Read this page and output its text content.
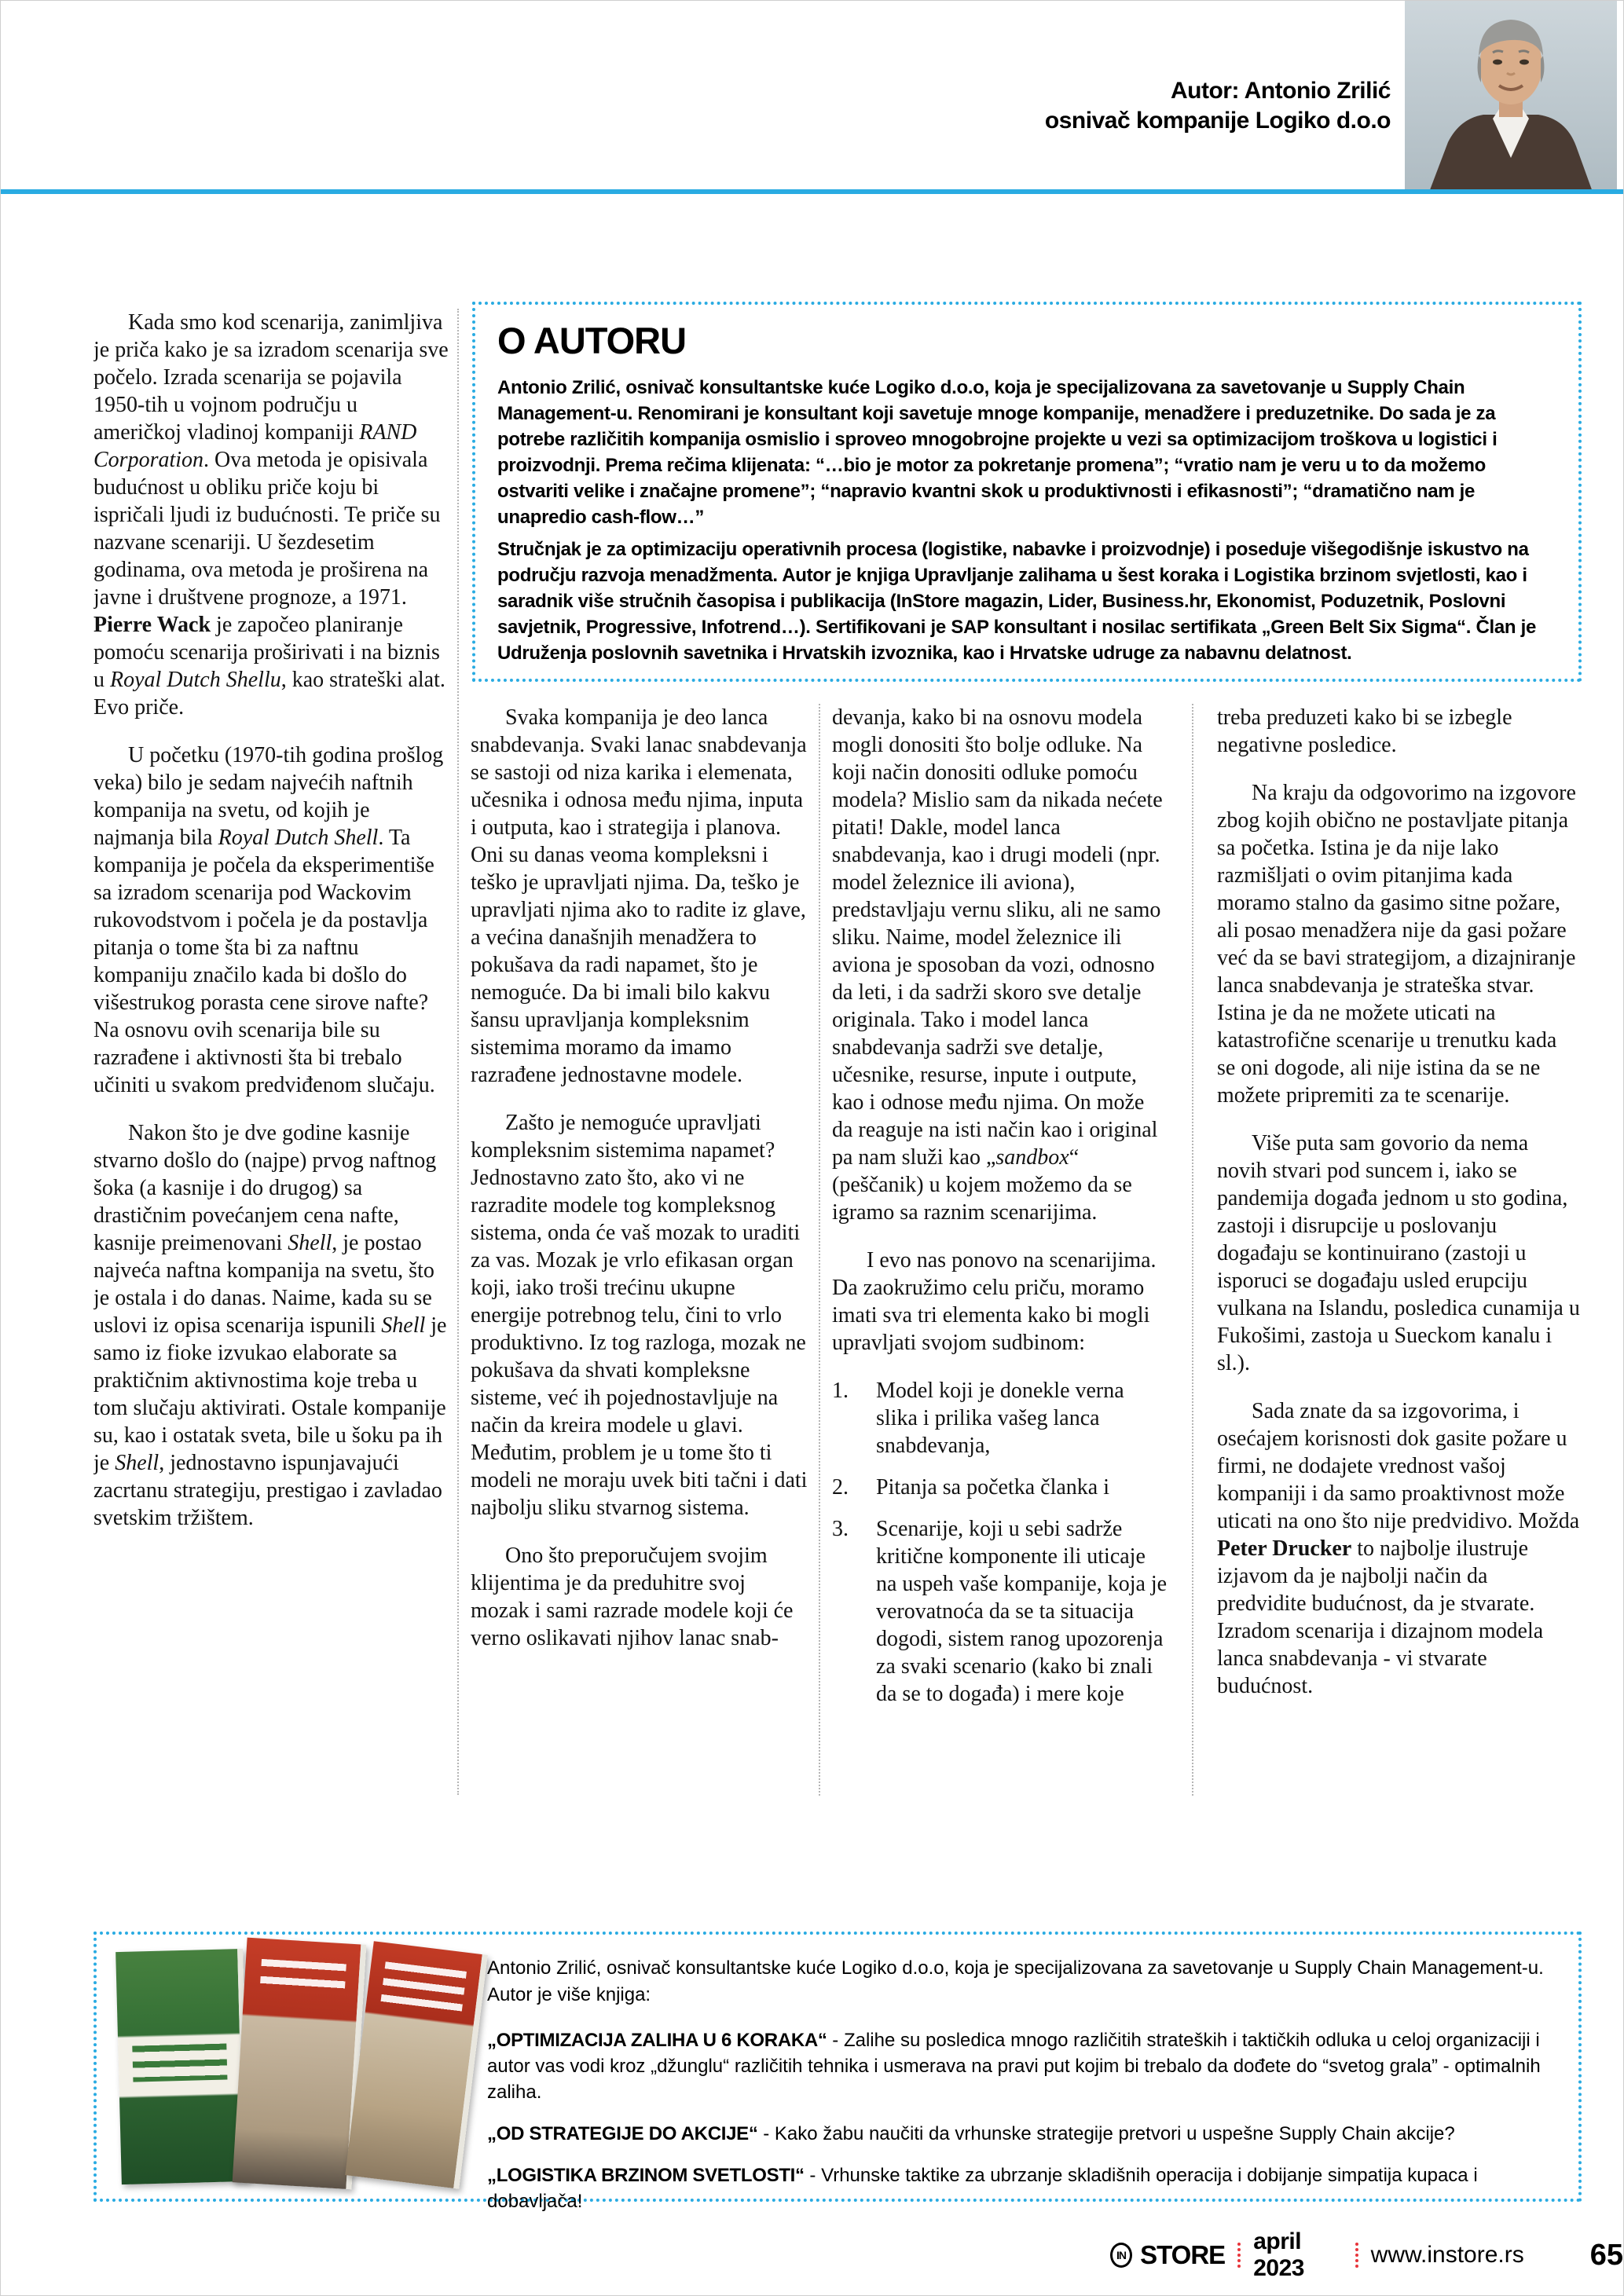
Autor: Antonio Zrilić
osnivač kompanije Logiko d.o.o
O AUTORU

Antonio Zrilić, osnivač konsultantske kuće Logiko d.o.o, koja je specijalizovana za savetovanje u Supply Chain Management-u. Renomirani je konsultant koji savetuje mnoge kompanije, menadžere i preduzetnike. Do sada je za potrebe različitih kompanija osmislio i sproveo mnogobrojne projekte u vezi sa optimizacijom troškova u logistici i proizvodnji. Prema rečima klijenata: “…bio je motor za pokretanje promena”; “vratio nam je veru u to da možemo ostvariti velike i značajne promene”; “napravio kvantni skok u produktivnosti i efikasnosti”; “dramatično nam je unapredio cash-flow…”

Stručnjak je za optimizaciju operativnih procesa (logistike, nabavke i proizvodnje) i poseduje višegodišnje iskustvo na području razvoja menadžmenta. Autor je knjiga Upravljanje zalihama u šest koraka i Logistika brzinom svjetlosti, kao i saradnik više stručnih časopisa i publikacija (InStore magazin, Lider, Business.hr, Ekonomist, Poduzetnik, Poslovni savjetnik, Progressive, Infotrend…). Sertifikovani je SAP konsultant i nosilac sertifikata „Green Belt Six Sigma“. Član je Udruženja poslovnih savetnika i Hrvatskih izvoznika, kao i Hrvatske udruge za nabavnu delatnost.

Kada smo kod scenarija, zanimljiva je priča kako je sa izradom scenarija sve počelo. Izrada scenarija se pojavila 1950-tih u vojnom području u američkoj vladinoj kompaniji RAND Corporation. Ova metoda je opisivala budućnost u obliku priče koju bi ispričali ljudi iz budućnosti. Te priče su nazvane scenariji. U šezdesetim godinama, ova metoda je proširena na javne i društvene prognoze, a 1971. Pierre Wack je započeo planiranje pomoću scenarija proširivati i na biznis u Royal Dutch Shellu, kao strateški alat. Evo priče.

U početku (1970-tih godina prošlog veka) bilo je sedam najvećih naftnih kompanija na svetu, od kojih je najmanja bila Royal Dutch Shell. Ta kompanija je počela da eksperimentiše sa izradom scenarija pod Wackovim rukovodstvom i počela je da postavlja pitanja o tome šta bi za naftnu kompaniju značilo kada bi došlo do višestrukog porasta cene sirove nafte? Na osnovu ovih scenarija bile su razrađene i aktivnosti šta bi trebalo učiniti u svakom predviđenom slučaju.

Nakon što je dve godine kasnije stvarno došlo do (najpe) prvog naftnog šoka (a kasnije i do drugog) sa drastičnim povećanjem cena nafte, kasnije preimenovani Shell, je postao najveća naftna kompanija na svetu, što je ostala i do danas. Naime, kada su se uslovi iz opisa scenarija ispunili Shell je samo iz fioke izvukao elaborate sa praktičnim aktivnostima koje treba u tom slučaju aktivirati. Ostale kompanije su, kao i ostatak sveta, bile u šoku pa ih je Shell, jednostavno ispunjavajući zacrtanu strategiju, prestigao i zavladao svetskim tržištem.

Svaka kompanija je deo lanca snabdevanja. Svaki lanac snabdevanja se sastoji od niza karika i elemenata, učesnika i odnosa među njima, inputa i outputa, kao i strategija i planova. Oni su danas veoma kompleksni i teško je upravljati njima. Da, teško je upravljati njima ako to radite iz glave, a većina današnjih menadžera to pokušava da radi napamet, što je nemoguće. Da bi imali bilo kakvu šansu upravljanja kompleksnim sistemima moramo da imamo razrađene jednostavne modele.

Zašto je nemoguće upravljati kompleksnim sistemima napamet? Jednostavno zato što, ako vi ne razradite modele tog kompleksnog sistema, onda će vaš mozak to uraditi za vas. Mozak je vrlo efikasan organ koji, iako troši trećinu ukupne energije potrebnog telu, čini to vrlo produktivno. Iz tog razloga, mozak ne pokušava da shvati kompleksne sisteme, već ih pojednostavljuje na način da kreira modele u glavi. Međutim, problem je u tome što ti modeli ne moraju uvek biti tačni i dati najbolju sliku stvarnog sistema.

Ono što preporučujem svojim klijentima je da preduhitre svoj mozak i sami razrade modele koji će verno oslikavati njihov lanac snab-

devanja, kako bi na osnovu modela mogli donositi što bolje odluke. Na koji način donositi odluke pomoću modela? Mislio sam da nikada nećete pitati! Dakle, model lanca snabdevanja, kao i drugi modeli (npr. model železnice ili aviona), predstavljaju vernu sliku, ali ne samo sliku. Naime, model železnice ili aviona je sposoban da vozi, odnosno da leti, i da sadrži skoro sve detalje originala. Tako i model lanca snabdevanja sadrži sve detalje, učesnike, resurse, inpute i outpute, kao i odnose među njima. On može da reaguje na isti način kao i original pa nam služi kao „sandbox“ (peščanik) u kojem možemo da se igramo sa raznim scenarijima.

I evo nas ponovo na scenarijima. Da zaokružimo celu priču, moramo imati sva tri elementa kako bi mogli upravljati svojom sudbinom:

1. Model koji je donekle verna slika i prilika vašeg lanca snabdevanja,

2. Pitanja sa početka članka i

3. Scenarije, koji u sebi sadrže kritične komponente ili uticaje na uspeh vaše kompanije, koja je verovatnoća da se ta situacija dogodi, sistem ranog upozorenja za svaki scenario (kako bi znali da se to događa) i mere koje

treba preduzeti kako bi se izbegle negativne posledice.

Na kraju da odgovorimo na izgovore zbog kojih obično ne postavljate pitanja sa početka. Istina je da nije lako razmišljati o ovim pitanjima kada moramo stalno da gasimo sitne požare, ali posao menadžera nije da gasi požare već da se bavi strategijom, a dizajniranje lanca snabdevanja je strateška stvar. Istina je da ne možete uticati na katastrofične scenarije u trenutku kada se oni dogode, ali nije istina da se ne možete pripremiti za te scenarije.

Više puta sam govorio da nema novih stvari pod suncem i, iako se pandemija događa jednom u sto godina, zastoji i disrupcije u poslovanju događaju se kontinuirano (zastoji u isporuci se događaju usled erupciju vulkana na Islandu, posledica cunamija u Fukošimi, zastoja u Sueckom kanalu i sl.).

Sada znate da sa izgovorima, i osećajem korisnosti dok gasite požare u firmi, ne dodajete vrednost vašoj kompaniji i da samo proaktivnost može uticati na ono što nije predvidivo. Možda Peter Drucker to najbolje ilustruje izjavom da je najbolji način da predvidite budućnost, da je stvarate. Izradom scenarija i dizajnom modela lanca snabdevanja - vi stvarate budućnost.

Antonio Zrilić, osnivač konsultantske kuće Logiko d.o.o, koja je specijalizovana za savetovanje u Supply Chain Management-u. Autor je više knjiga:

„OPTIMIZACIJA ZALIHA U 6 KORAKA“ - Zalihe su posledica mnogo različitih strateških i taktičkih odluka u celoj organizaciji i autor vas vodi kroz „džunglu“ različitih tehnika i usmerava na pravi put kojim bi trebalo da dođete do “svetog grala” - optimalnih zaliha.

„OD STRATEGIJE DO AKCIJE“ - Kako žabu naučiti da vrhunske strategije pretvori u uspešne Supply Chain akcije?

„LOGISTIKA BRZINOM SVETLOSTI“ - Vrhunske taktike za ubrzanje skladišnih operacija i dobijanje simpatija kupaca i dobavljača!

IN STORE april 2023
www.instore.rs 65
